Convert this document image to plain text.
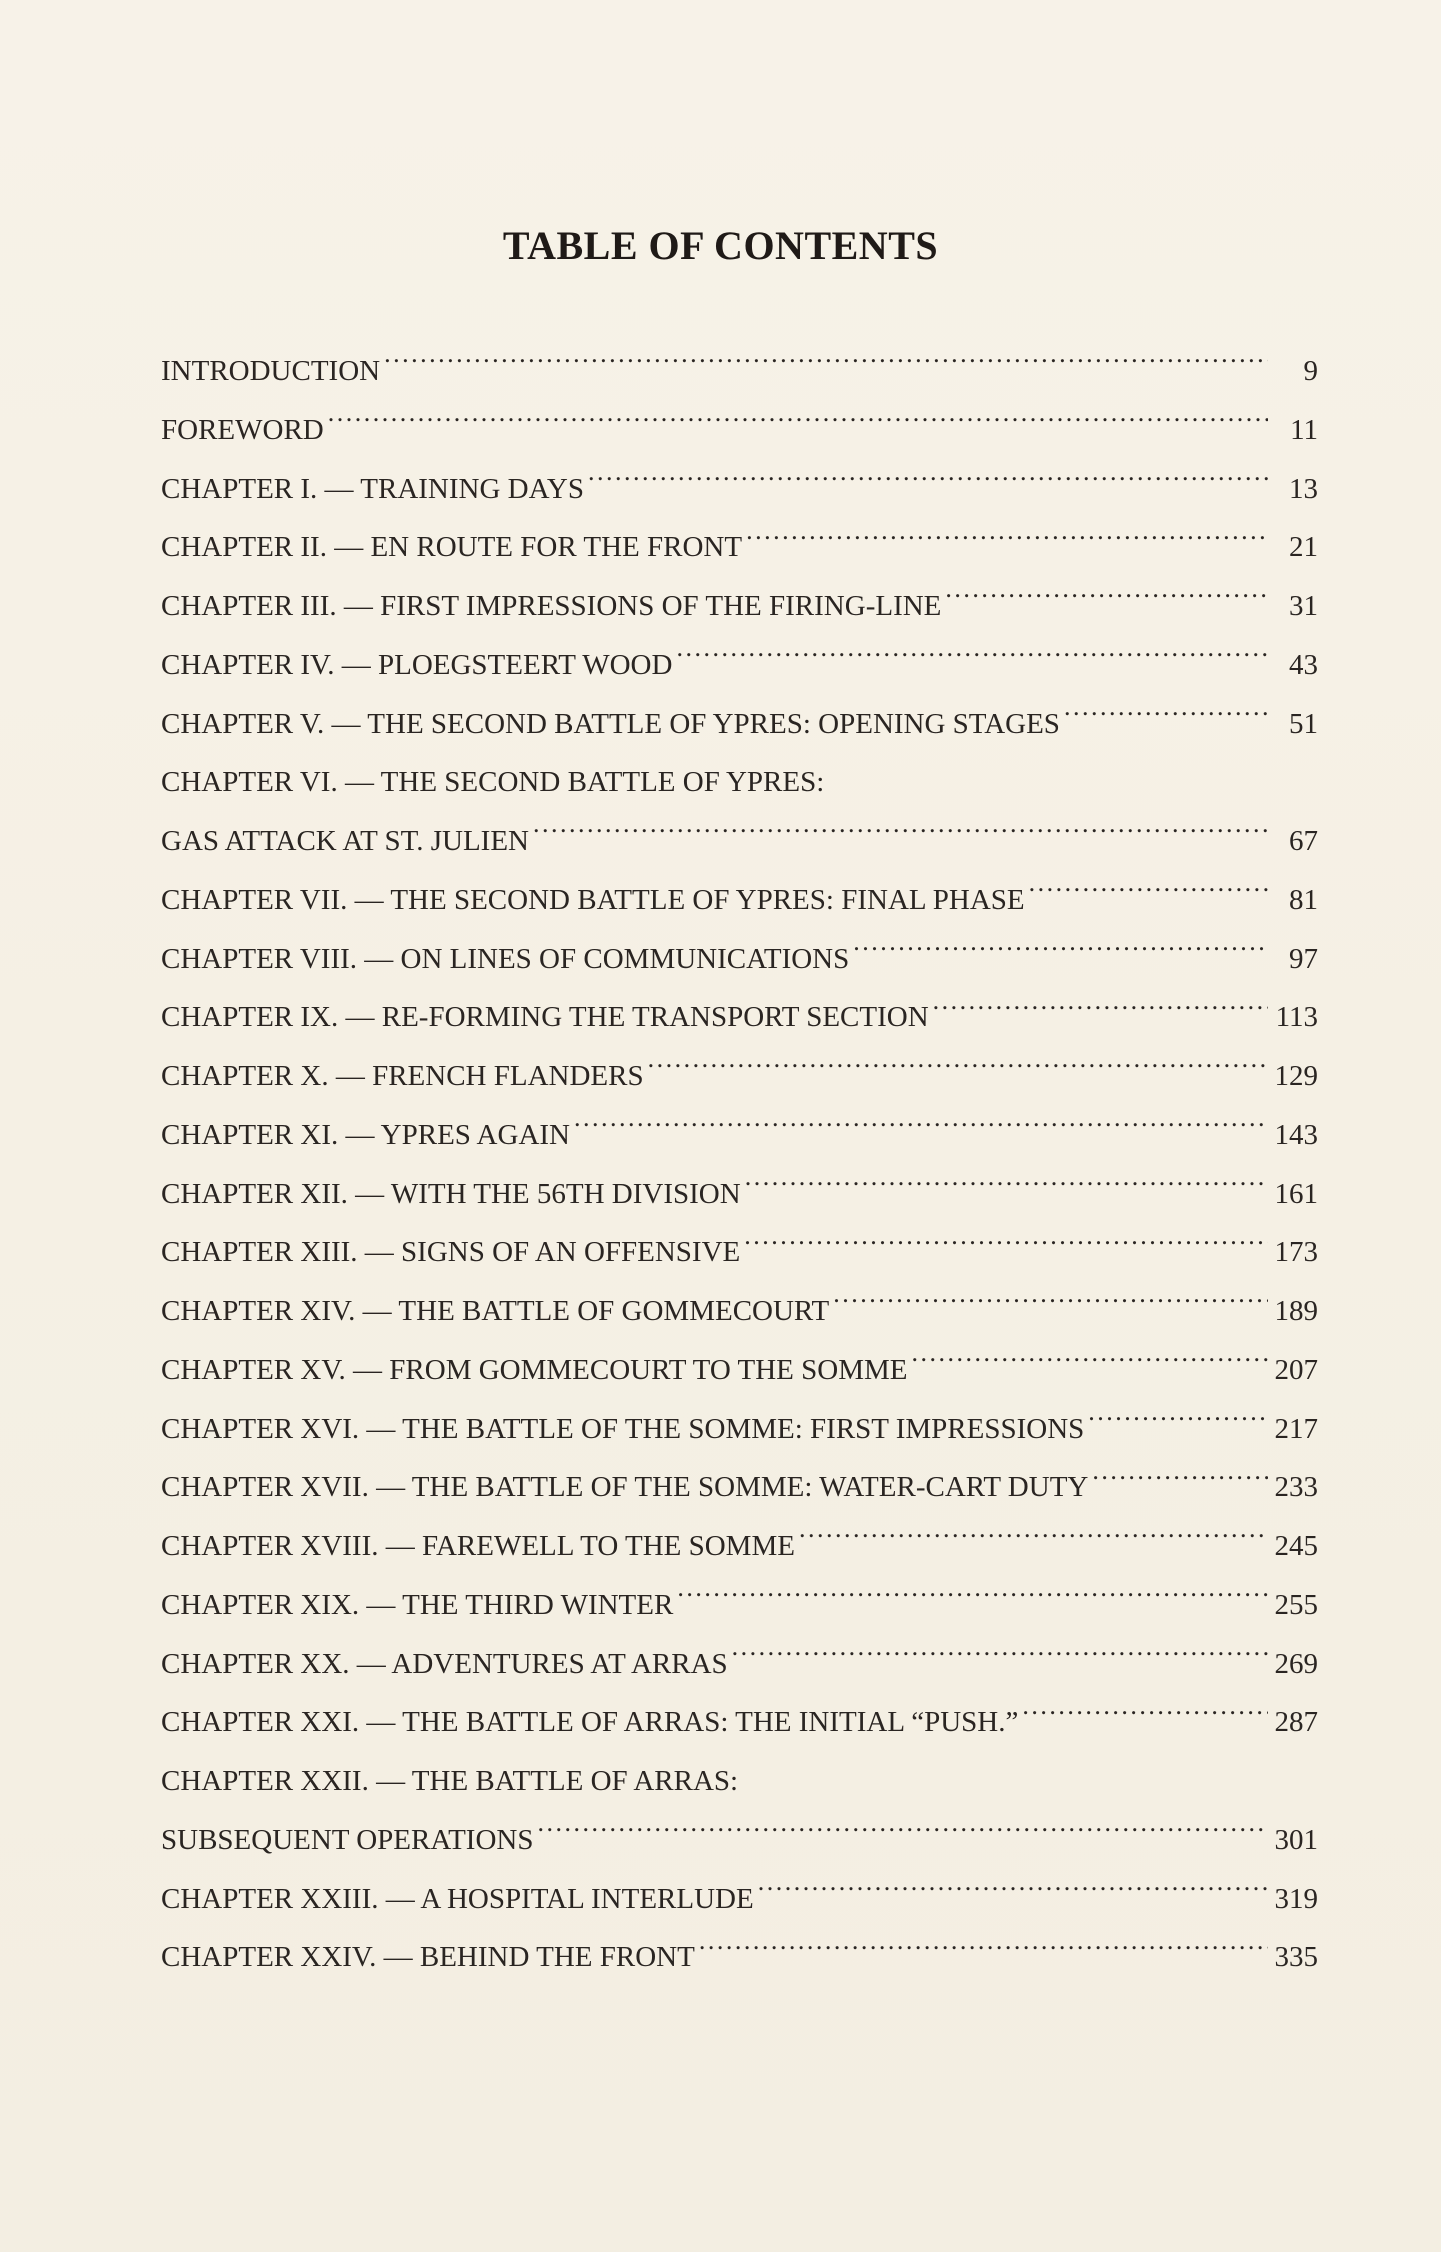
TABLE OF CONTENTS
INTRODUCTION .....	9
FOREWORD .....	11
CHAPTER I. — TRAINING DAYS .....	13
CHAPTER II. — EN ROUTE FOR THE FRONT .....	21
CHAPTER III. — FIRST IMPRESSIONS OF THE FIRING-LINE .....	31
CHAPTER IV. — PLOEGSTEERT WOOD .....	43
CHAPTER V. — THE SECOND BATTLE OF YPRES: OPENING STAGES .....	51
CHAPTER VI. — THE SECOND BATTLE OF YPRES:
GAS ATTACK AT ST. JULIEN .....	67
CHAPTER VII. — THE SECOND BATTLE OF YPRES: FINAL PHASE .....	81
CHAPTER VIII. — ON LINES OF COMMUNICATIONS .....	97
CHAPTER IX. — RE-FORMING THE TRANSPORT SECTION .....	113
CHAPTER X. — FRENCH FLANDERS .....	129
CHAPTER XI. — YPRES AGAIN .....	143
CHAPTER XII. — WITH THE 56TH DIVISION .....	161
CHAPTER XIII. — SIGNS OF AN OFFENSIVE .....	173
CHAPTER XIV. — THE BATTLE OF GOMMECOURT .....	189
CHAPTER XV. — FROM GOMMECOURT TO THE SOMME .....	207
CHAPTER XVI. — THE BATTLE OF THE SOMME: FIRST IMPRESSIONS .....	217
CHAPTER XVII. — THE BATTLE OF THE SOMME: WATER-CART DUTY .....	233
CHAPTER XVIII. — FAREWELL TO THE SOMME .....	245
CHAPTER XIX. — THE THIRD WINTER .....	255
CHAPTER XX. — ADVENTURES AT ARRAS .....	269
CHAPTER XXI. — THE BATTLE OF ARRAS: THE INITIAL “PUSH.” .....	287
CHAPTER XXII. — THE BATTLE OF ARRAS:
SUBSEQUENT OPERATIONS .....	301
CHAPTER XXIII. — A HOSPITAL INTERLUDE .....	319
CHAPTER XXIV. — BEHIND THE FRONT .....	335
